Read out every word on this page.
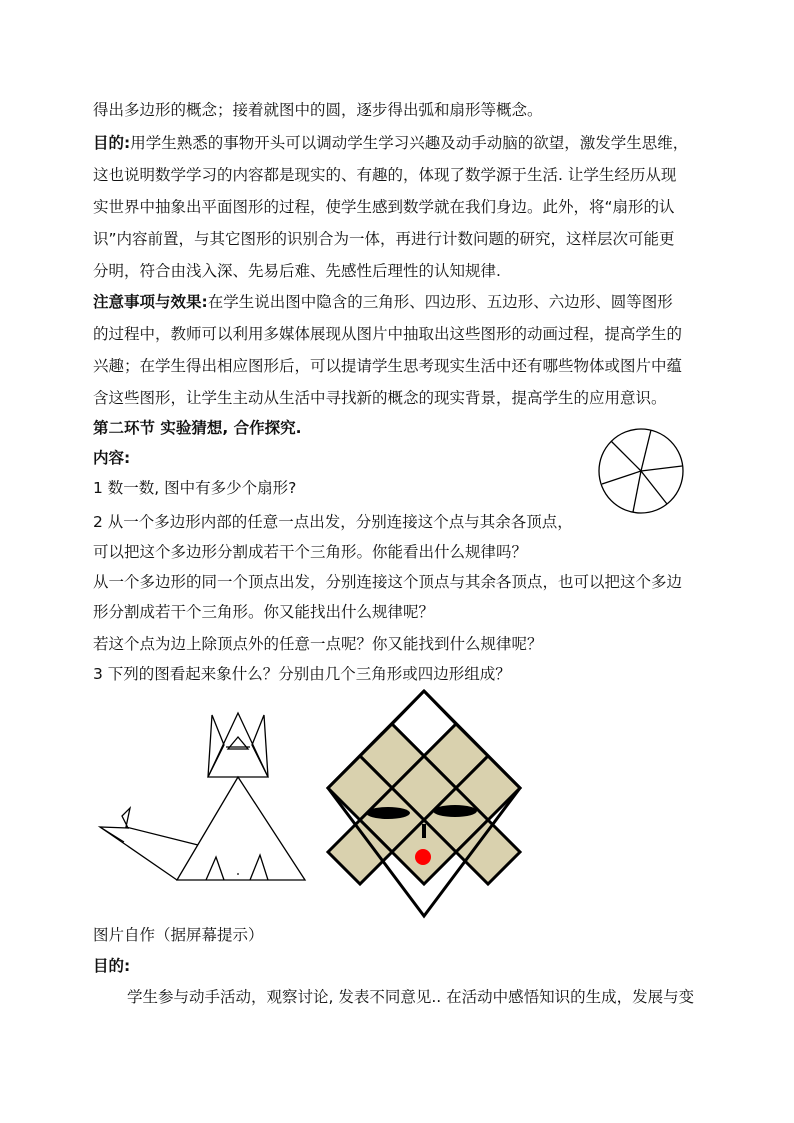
得出多边形的概念；接着就图中的圆，逐步得出弧和扇形等概念。
目的:用学生熟悉的事物开头可以调动学生学习兴趣及动手动脑的欲望，激发学生思维，
这也说明数学学习的内容都是现实的、有趣的，体现了数学源于生活. 让学生经历从现
实世界中抽象出平面图形的过程，使学生感到数学就在我们身边。此外，将“扇形的认
识”内容前置，与其它图形的识别合为一体，再进行计数问题的研究，这样层次可能更
分明，符合由浅入深、先易后难、先感性后理性的认知规律.
注意事项与效果:在学生说出图中隐含的三角形、四边形、五边形、六边形、圆等图形
的过程中，教师可以利用多媒体展现从图片中抽取出这些图形的动画过程，提高学生的
兴趣；在学生得出相应图形后，可以提请学生思考现实生活中还有哪些物体或图片中蕴
含这些图形，让学生主动从生活中寻找新的概念的现实背景，提高学生的应用意识。
第二环节 实验猜想, 合作探究.
内容:
1 数一数, 图中有多少个扇形?
2 从一个多边形内部的任意一点出发，分别连接这个点与其余各顶点，
可以把这个多边形分割成若干个三角形。你能看出什么规律吗？
从一个多边形的同一个顶点出发，分别连接这个顶点与其余各顶点，也可以把这个多边
形分割成若干个三角形。你又能找出什么规律呢？
若这个点为边上除顶点外的任意一点呢？你又能找到什么规律呢？
3 下列的图看起来象什么？分别由几个三角形或四边形组成？
图片自作（据屏幕提示）
目的:
学生参与动手活动，观察讨论, 发表不同意见.. 在活动中感悟知识的生成，发展与变
